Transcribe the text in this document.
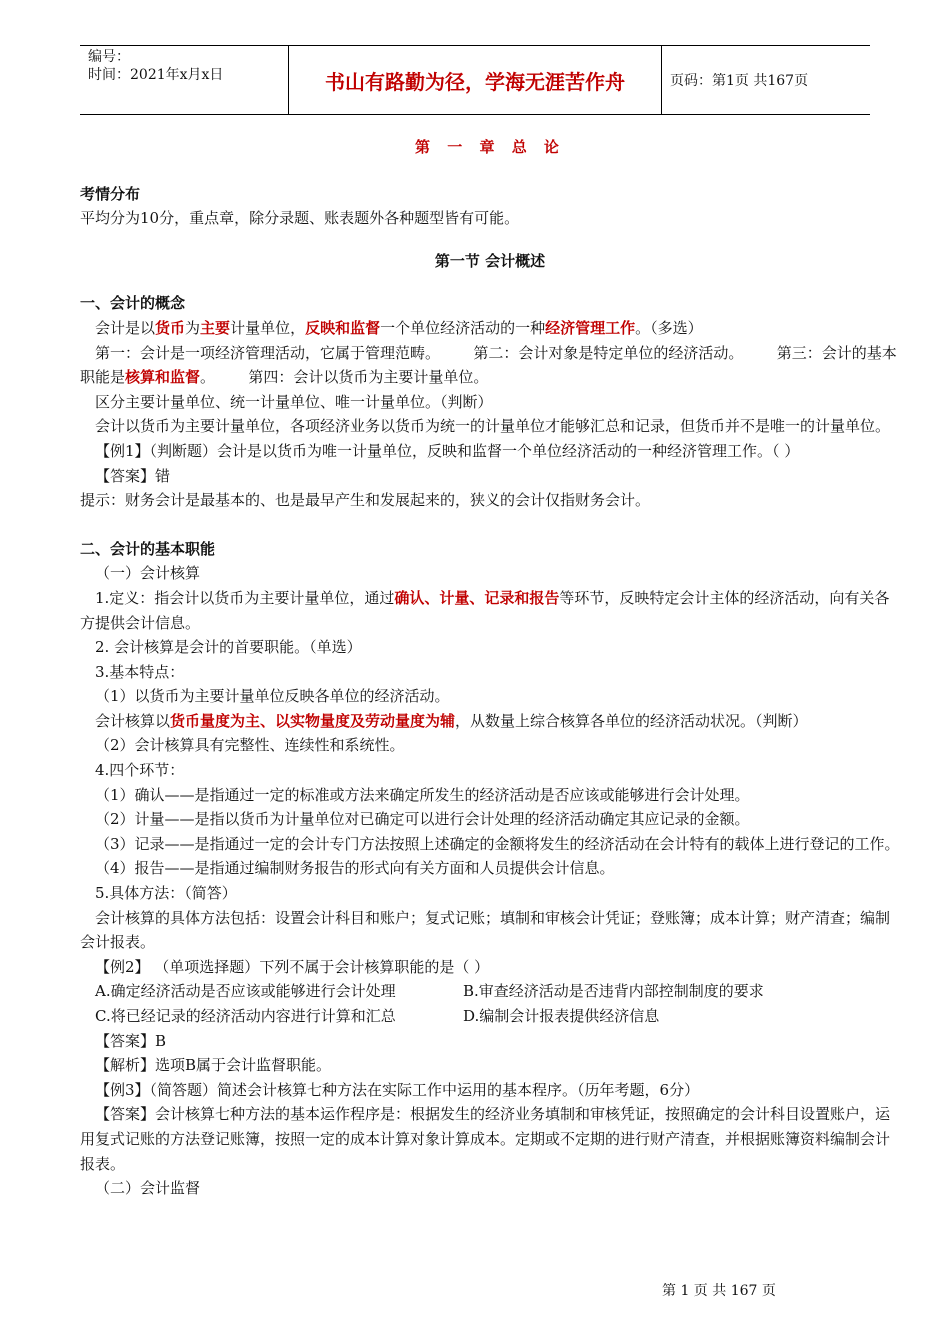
编号：
时间：2021年x月x日	书山有路勤为径，学海无涯苦作舟	页码：第1页 共167页

第 一 章 总 论

考情分布

平均分为10分，重点章，除分录题、账表题外各种题型皆有可能。

第一节 会计概述

一、会计的概念

会计是以货币为主要计量单位，反映和监督一个单位经济活动的一种经济管理工作。（多选）

第一：会计是一项经济管理活动，它属于管理范畴。       第二：会计对象是特定单位的经济活动。       第三：会计的基本职能是核算和监督。       第四：会计以货币为主要计量单位。

区分主要计量单位、统一计量单位、唯一计量单位。（判断）

会计以货币为主要计量单位，各项经济业务以货币为统一的计量单位才能够汇总和记录，但货币并不是唯一的计量单位。

【例1】（判断题）会计是以货币为唯一计量单位，反映和监督一个单位经济活动的一种经济管理工作。（ ）

【答案】错

提示：财务会计是最基本的、也是最早产生和发展起来的，狭义的会计仅指财务会计。

二、会计的基本职能

（一）会计核算

1.定义：指会计以货币为主要计量单位，通过确认、计量、记录和报告等环节，反映特定会计主体的经济活动，向有关各方提供会计信息。

2. 会计核算是会计的首要职能。（单选）

3.基本特点：

（1）以货币为主要计量单位反映各单位的经济活动。

会计核算以货币量度为主、以实物量度及劳动量度为辅，从数量上综合核算各单位的经济活动状况。（判断）

（2）会计核算具有完整性、连续性和系统性。

4.四个环节：

（1）确认——是指通过一定的标准或方法来确定所发生的经济活动是否应该或能够进行会计处理。

（2）计量——是指以货币为计量单位对已确定可以进行会计处理的经济活动确定其应记录的金额。

（3）记录——是指通过一定的会计专门方法按照上述确定的金额将发生的经济活动在会计特有的载体上进行登记的工作。

（4）报告——是指通过编制财务报告的形式向有关方面和人员提供会计信息。

5.具体方法：（简答）

会计核算的具体方法包括：设置会计科目和账户；复式记账；填制和审核会计凭证；登账簿；成本计算；财产清查；编制会计报表。

【例2】 （单项选择题）下列不属于会计核算职能的是（ ）

A.确定经济活动是否应该或能够进行会计处理	B.审查经济活动是否违背内部控制制度的要求

C.将已经记录的经济活动内容进行计算和汇总	D.编制会计报表提供经济信息

【答案】B

【解析】选项B属于会计监督职能。

【例3】（简答题）简述会计核算七种方法在实际工作中运用的基本程序。（历年考题，6分）

【答案】会计核算七种方法的基本运作程序是：根据发生的经济业务填制和审核凭证，按照确定的会计科目设置账户，运用复式记账的方法登记账簿，按照一定的成本计算对象计算成本。定期或不定期的进行财产清查，并根据账簿资料编制会计报表。

（二）会计监督

第 1 页 共 167 页
